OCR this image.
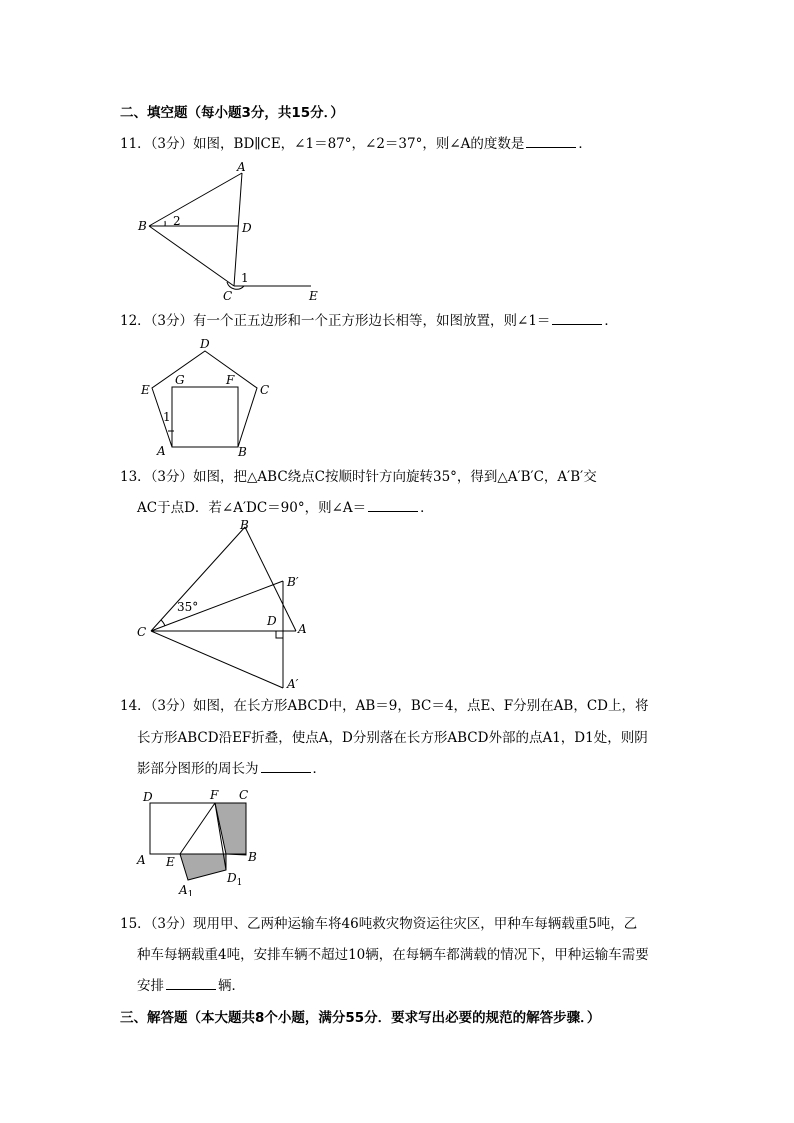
二、填空题（每小题3分，共15分．）
11．（3分）如图，BD∥CE，∠1＝87°，∠2＝37°，则∠A的度数是	．
A
B	D
C	E
2
1
12．（3分）有一个正五边形和一个正方形边长相等，如图放置，则∠1＝	．
D
E
G	F
C
A	B
1
13．（3分）如图，把△ABC绕点C按顺时针方向旋转35°，得到△A′B′C，A′B′交
AC于点D．若∠A′DC＝90°，则∠A＝	．
B
B′
35°
C
D
A
A′
14．（3分）如图，在长方形ABCD中，AB＝9，BC＝4，点E、F分别在AB，CD上，将
长方形ABCD沿EF折叠，使点A，D分别落在长方形ABCD外部的点A1，D1处，则阴
影部分图形的周长为	．
D	F C
A E	B
$A_1$
$D_1$
15．（3分）现用甲、乙两种运输车将46吨救灾物资运往灾区，甲种车每辆载重5吨，乙
种车每辆载重4吨，安排车辆不超过10辆，在每辆车都满载的情况下，甲种运输车需要
安排	辆．
三、解答题（本大题共8个小题，满分55分．要求写出必要的规范的解答步骤．）
